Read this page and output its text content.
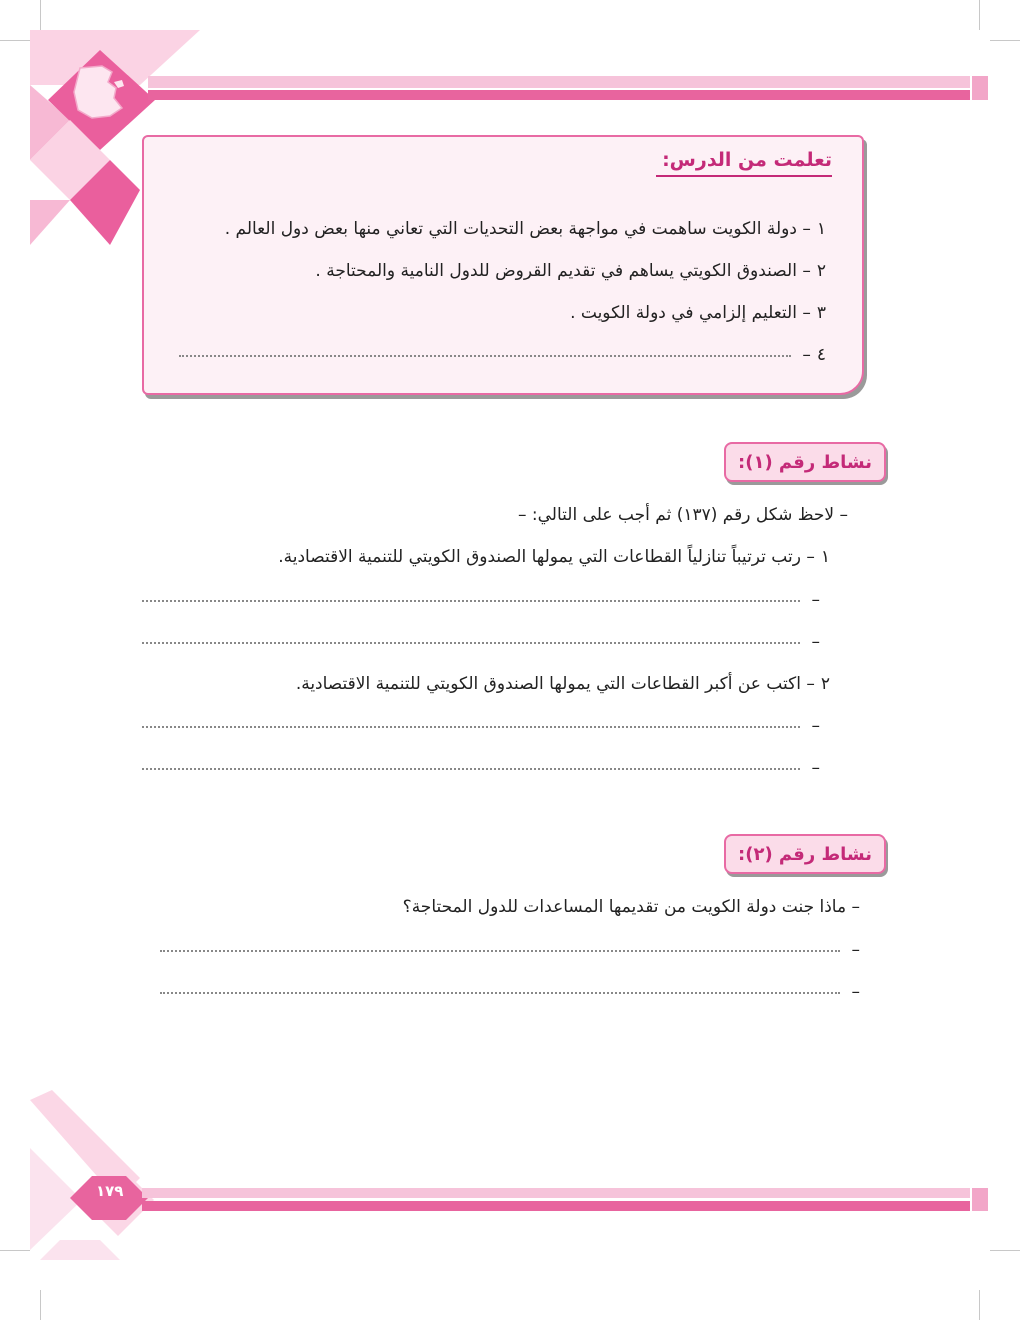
تعلمت من الدرس:
١– دولة الكويت ساهمت في مواجهة بعض التحديات التي تعاني منها بعض دول العالم .
٢– الصندوق الكويتي يساهم في تقديم القروض للدول النامية والمحتاجة .
٣– التعليم إلزامي في دولة الكويت .
٤–
نشاط رقم (١):
– لاحظ شكل رقم (١٣٧) ثم أجب على التالي: –
١– رتب ترتيباً تنازلياً القطاعات التي يمولها الصندوق الكويتي للتنمية الاقتصادية.
–
–
٢– اكتب عن أكبر القطاعات التي يمولها الصندوق الكويتي للتنمية الاقتصادية.
–
–
نشاط رقم (٢):
– ماذا جنت دولة الكويت من تقديمها المساعدات للدول المحتاجة؟
–
–
١٧٩
